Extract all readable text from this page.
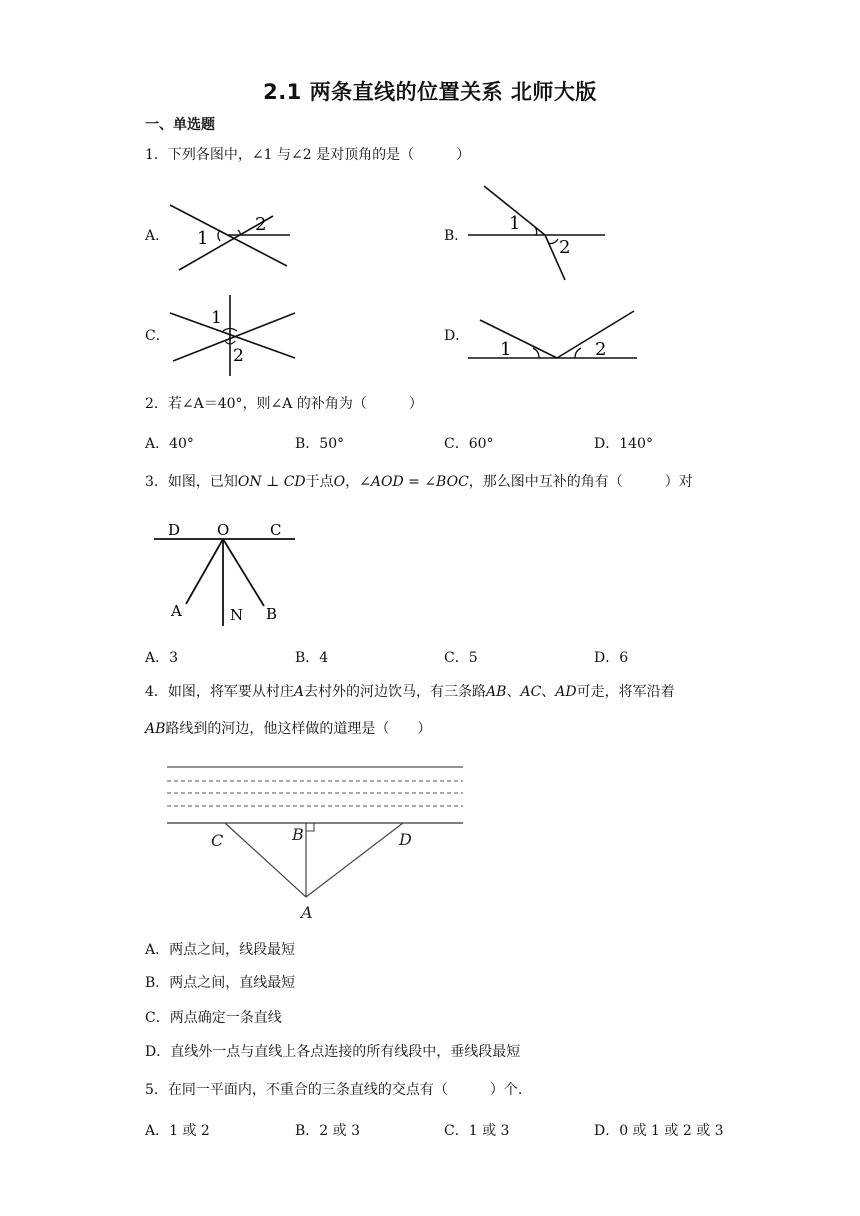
2.1 两条直线的位置关系 北师大版
一、单选题
1．下列各图中，∠1 与∠2 是对顶角的是（　　　）
A． 1
2
B．
1
2
C．
1
2
D．
1	2
2．若∠A＝40°，则∠A 的补角为（　　　）
A．40°	B．50°	C．60°	D．140°
3．如图，已知ON ⊥ CD于点O，∠AOD = ∠BOC，那么图中互补的角有（　　　）对
D O	C
A	N B
A．3	B．4	C．5	D．6
4．如图，将军要从村庄A去村外的河边饮马，有三条路AB、AC、AD可走，将军沿着
AB路线到的河边，他这样做的道理是（　　）
C	B	D
A
A．两点之间，线段最短
B．两点之间，直线最短
C．两点确定一条直线
D．直线外一点与直线上各点连接的所有线段中，垂线段最短
5．在同一平面内，不重合的三条直线的交点有（　　　）个.
A．1 或 2	B．2 或 3	C．1 或 3	D．0 或 1 或 2 或 3
